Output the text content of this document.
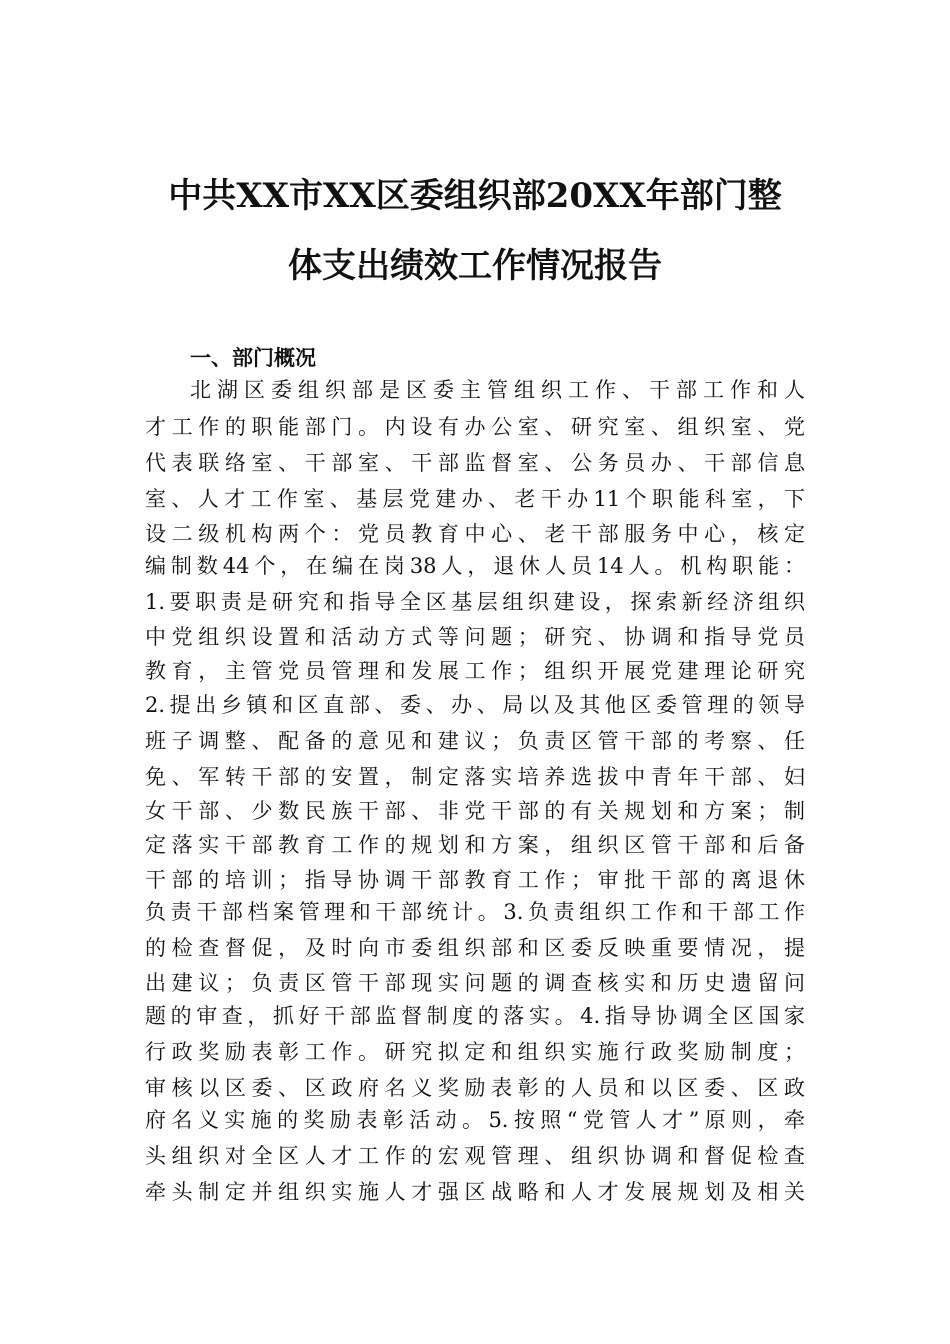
中共XX市XX区委组织部20XX年部门整
体支出绩效工作情况报告
一、部门概况
北湖区委组织部是区委主管组织工作、干部工作和人
才工作的职能部门。内设有办公室、研究室、组织室、党
代表联络室、干部室、干部监督室、公务员办、干部信息
室、人才工作室、基层党建办、老干办11个职能科室，下
设二级机构两个：党员教育中心、老干部服务中心，核定
编制数44个，在编在岗38人，退休人员14人。机构职能：
1.要职责是研究和指导全区基层组织建设，探索新经济组织
中党组织设置和活动方式等问题；研究、协调和指导党员
教育，主管党员管理和发展工作；组织开展党建理论研究
2.提出乡镇和区直部、委、办、局以及其他区委管理的领导
班子调整、配备的意见和建议；负责区管干部的考察、任
免、军转干部的安置，制定落实培养选拔中青年干部、妇
女干部、少数民族干部、非党干部的有关规划和方案；制
定落实干部教育工作的规划和方案，组织区管干部和后备
干部的培训；指导协调干部教育工作；审批干部的离退休
负责干部档案管理和干部统计。3.负责组织工作和干部工作
的检查督促，及时向市委组织部和区委反映重要情况，提
出建议；负责区管干部现实问题的调查核实和历史遗留问
题的审查，抓好干部监督制度的落实。4.指导协调全区国家
行政奖励表彰工作。研究拟定和组织实施行政奖励制度；
审核以区委、区政府名义奖励表彰的人员和以区委、区政
府名义实施的奖励表彰活动。5.按照“党管人才”原则，牵
头组织对全区人才工作的宏观管理、组织协调和督促检查
牵头制定并组织实施人才强区战略和人才发展规划及相关
